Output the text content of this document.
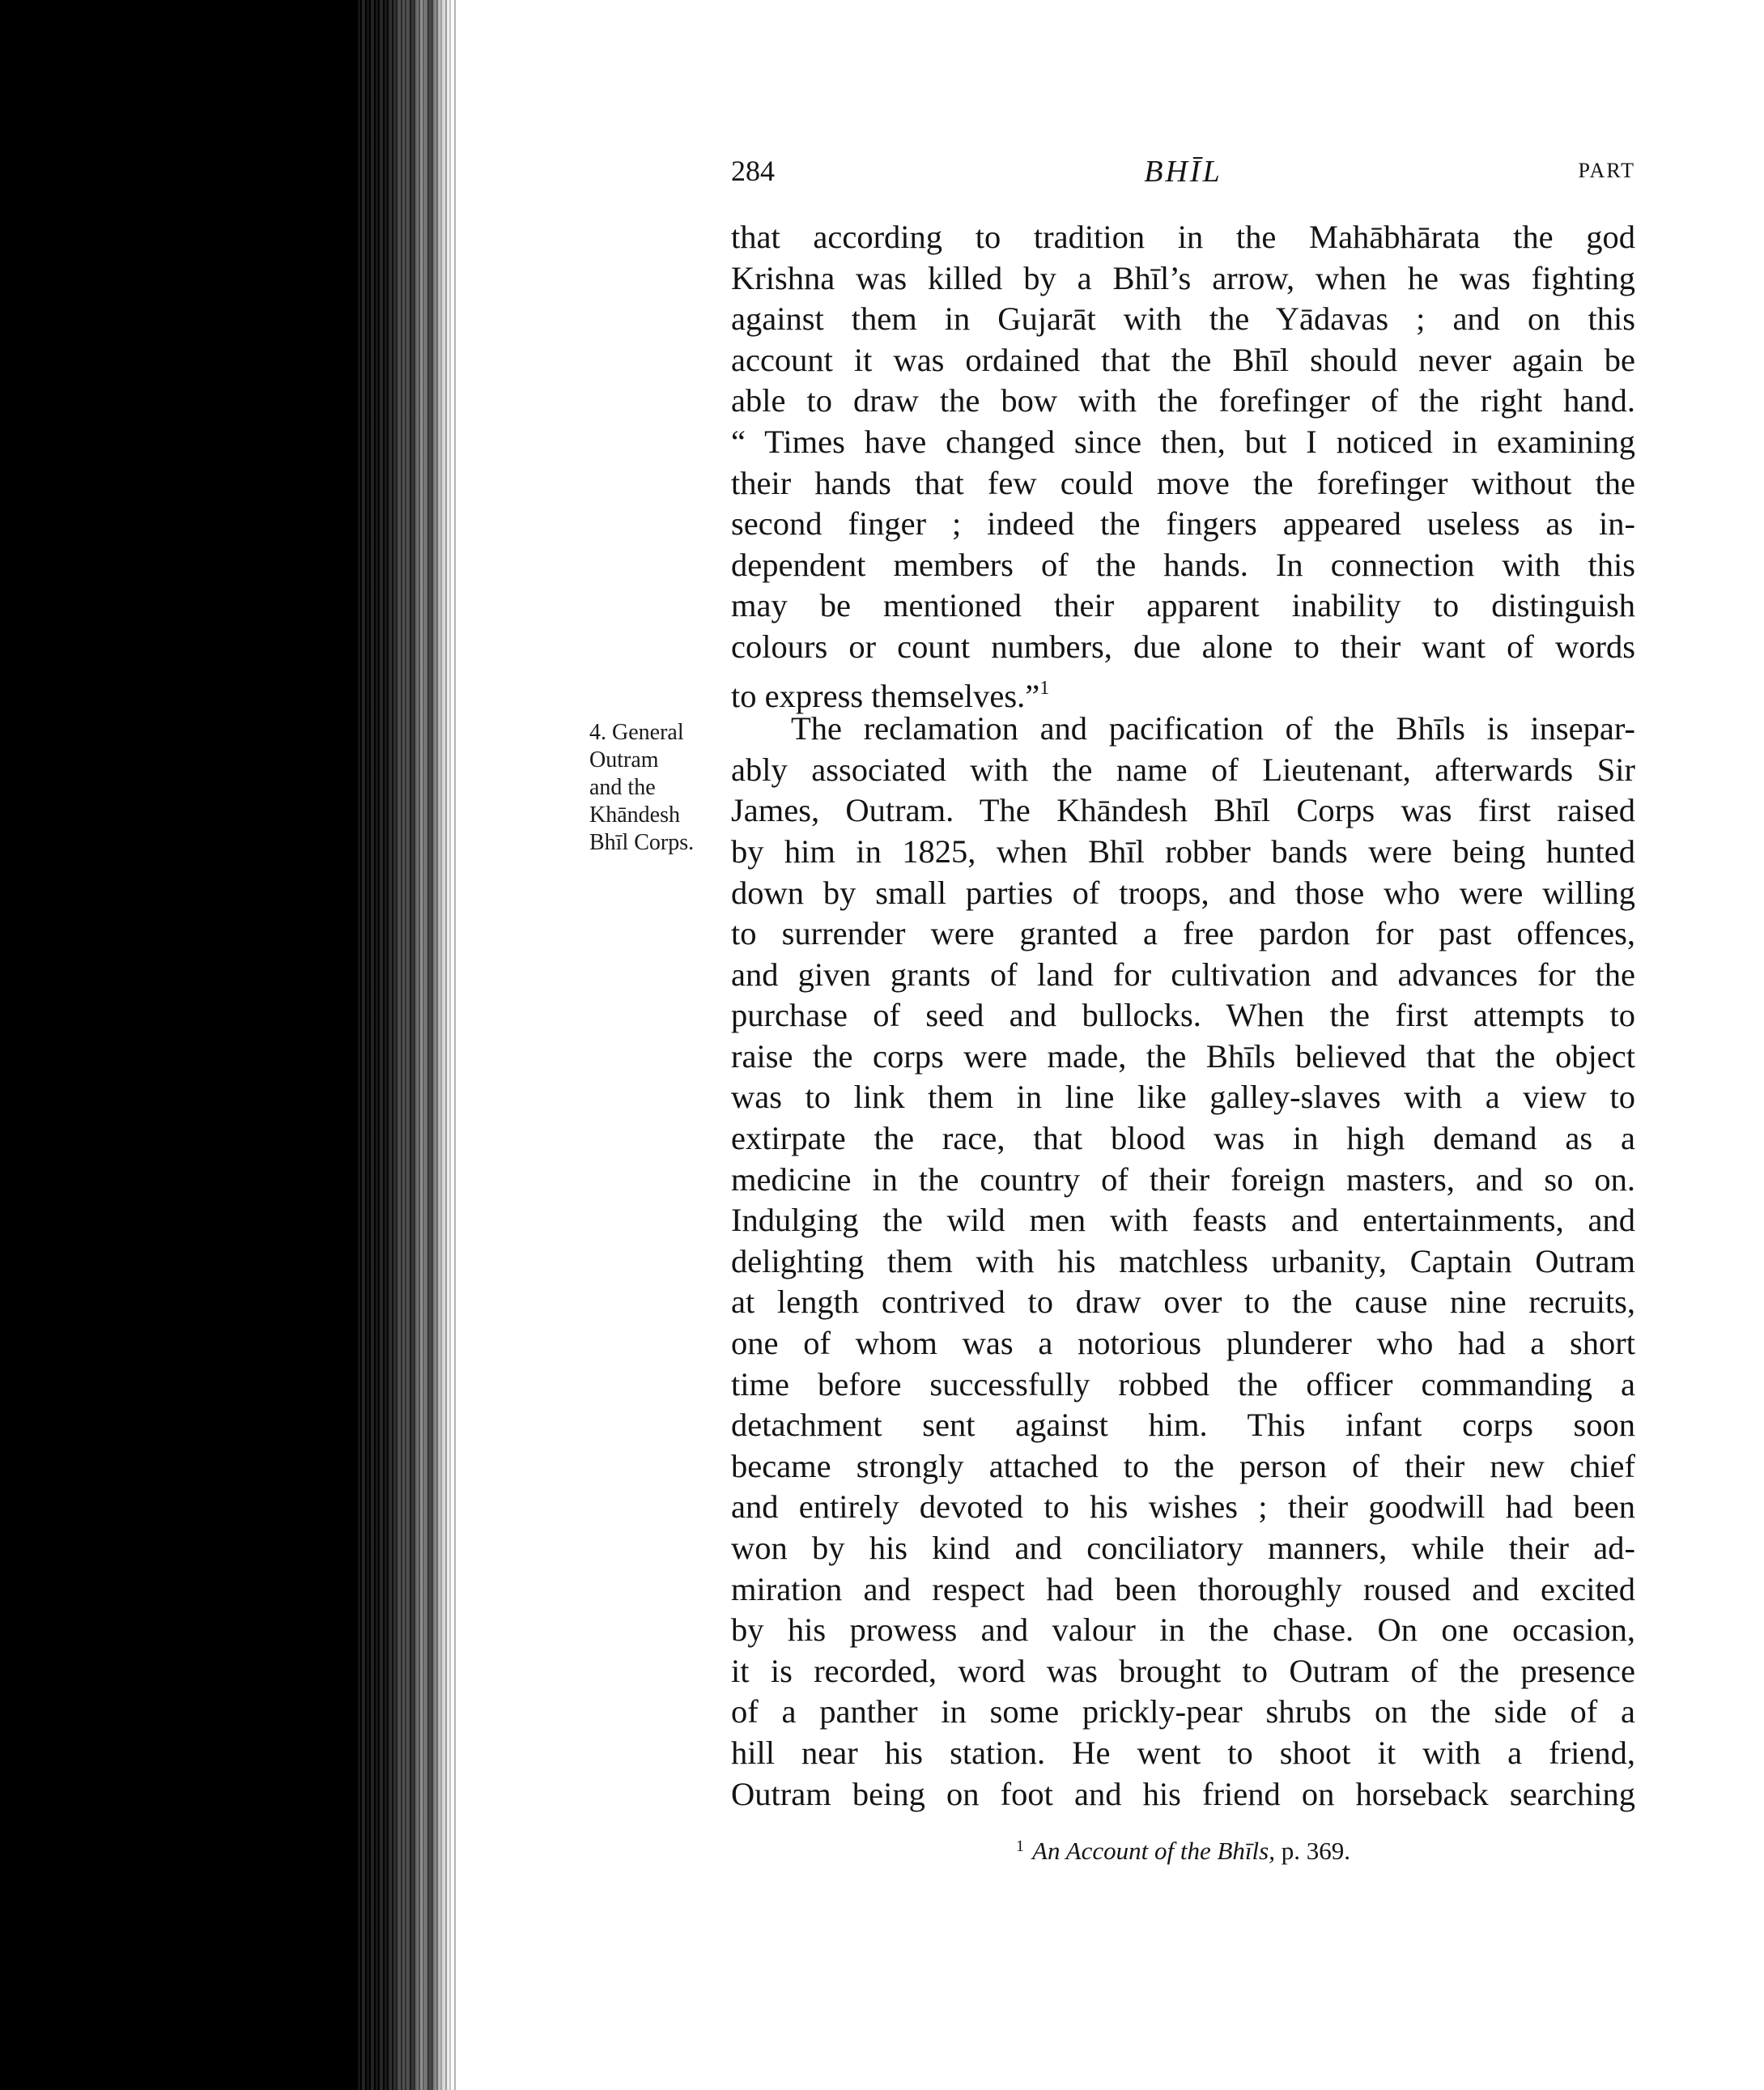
284	BHĪL	PART
4. General
Outram
and the
Khāndesh
Bhīl Corps.
that according to tradition in the Mahābhārata the god
Krishna was killed by a Bhīl’s arrow, when he was fighting
against them in Gujarāt with the Yādavas ; and on this
account it was ordained that the Bhīl should never again be
able to draw the bow with the forefinger of the right hand.
“ Times have changed since then, but I noticed in examining
their hands that few could move the forefinger without the
second finger ; indeed the fingers appeared useless as in-
dependent members of the hands. In connection with this
may be mentioned their apparent inability to distinguish
colours or count numbers, due alone to their want of words
to express themselves.”$^1$
The reclamation and pacification of the Bhīls is insepar-
ably associated with the name of Lieutenant, afterwards Sir
James, Outram. The Khāndesh Bhīl Corps was first raised
by him in 1825, when Bhīl robber bands were being hunted
down by small parties of troops, and those who were willing
to surrender were granted a free pardon for past offences,
and given grants of land for cultivation and advances for the
purchase of seed and bullocks. When the first attempts to
raise the corps were made, the Bhīls believed that the object
was to link them in line like galley-slaves with a view to
extirpate the race, that blood was in high demand as a
medicine in the country of their foreign masters, and so on.
Indulging the wild men with feasts and entertainments, and
delighting them with his matchless urbanity, Captain Outram
at length contrived to draw over to the cause nine recruits,
one of whom was a notorious plunderer who had a short
time before successfully robbed the officer commanding a
detachment sent against him. This infant corps soon
became strongly attached to the person of their new chief
and entirely devoted to his wishes ; their goodwill had been
won by his kind and conciliatory manners, while their ad-
miration and respect had been thoroughly roused and excited
by his prowess and valour in the chase. On one occasion,
it is recorded, word was brought to Outram of the presence
of a panther in some prickly-pear shrubs on the side of a
hill near his station. He went to shoot it with a friend,
Outram being on foot and his friend on horseback searching
$^1$ An Account of the Bhīls, p. 369.
